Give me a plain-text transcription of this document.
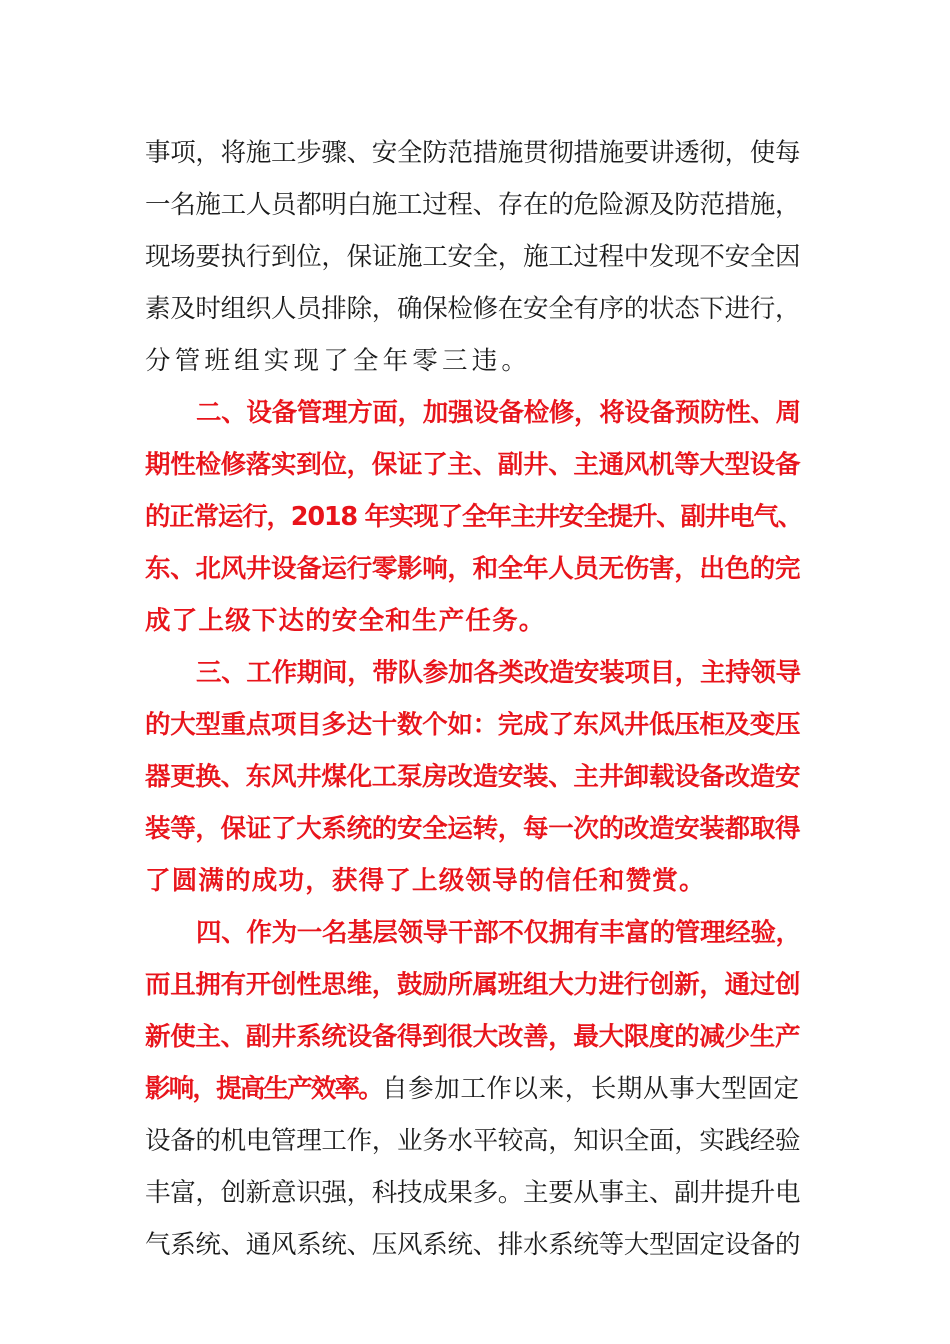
事项，将施工步骤、安全防范措施贯彻措施要讲透彻，使每
一名施工人员都明白施工过程、存在的危险源及防范措施，
现场要执行到位，保证施工安全，施工过程中发现不安全因
素及时组织人员排除，确保检修在安全有序的状态下进行，
分管班组实现了全年零三违。
二、设备管理方面，加强设备检修，将设备预防性、周
期性检修落实到位，保证了主、副井、主通风机等大型设备
的正常运行，2018 年实现了全年主井安全提升、副井电气、
东、北风井设备运行零影响，和全年人员无伤害，出色的完
成了上级下达的安全和生产任务。
三、工作期间，带队参加各类改造安装项目，主持领导
的大型重点项目多达十数个如：完成了东风井低压柜及变压
器更换、东风井煤化工泵房改造安装、主井卸载设备改造安
装等，保证了大系统的安全运转，每一次的改造安装都取得
了圆满的成功，获得了上级领导的信任和赞赏。
四、作为一名基层领导干部不仅拥有丰富的管理经验，
而且拥有开创性思维，鼓励所属班组大力进行创新，通过创
新使主、副井系统设备得到很大改善，最大限度的减少生产
影响，提高生产效率。自参加工作以来，长期从事大型固定
设备的机电管理工作，业务水平较高，知识全面，实践经验
丰富，创新意识强，科技成果多。主要从事主、副井提升电
气系统、通风系统、压风系统、排水系统等大型固定设备的
